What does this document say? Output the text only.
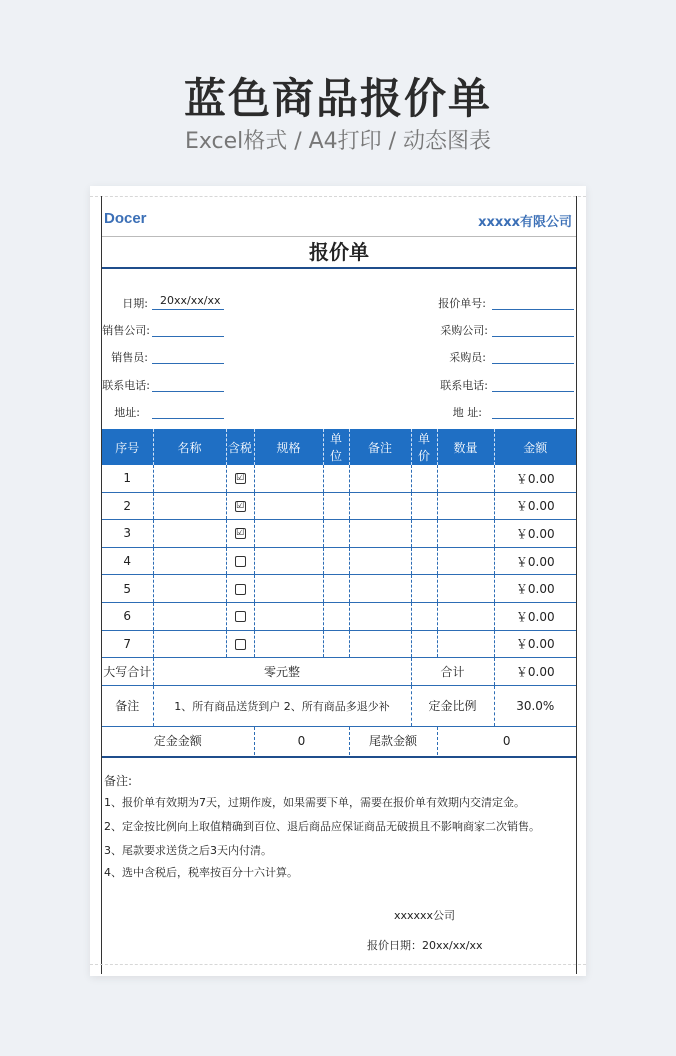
蓝色商品报价单
Excel格式 / A4打印 / 动态图表
Docer	xxxxx有限公司
报价单
日期:	20xx/xx/xx
销售公司:
销售员:
联系电话:
地址:
报价单号:
采购公司:
采购员:
联系电话:
地 址:
序号	名称	含税	规格	单位	备注	单价	数量	金额
1		☑						￥0.00
2		☑						￥0.00
3		☑						￥0.00
4								￥0.00
5								￥0.00
6								￥0.00
7								￥0.00
大写合计	零元整					合计		￥0.00
备注	1、所有商品送货到户 2、所有商品多退少补					定金比例		30.0%
定金金额			0		尾款金额		0	
备注:
1、报价单有效期为7天，过期作废，如果需要下单，需要在报价单有效期内交清定金。
2、定金按比例向上取值精确到百位、退后商品应保证商品无破损且不影响商家二次销售。
3、尾款要求送货之后3天内付清。
4、选中含税后，税率按百分十六计算。
xxxxxx公司
报价日期：20xx/xx/xx
